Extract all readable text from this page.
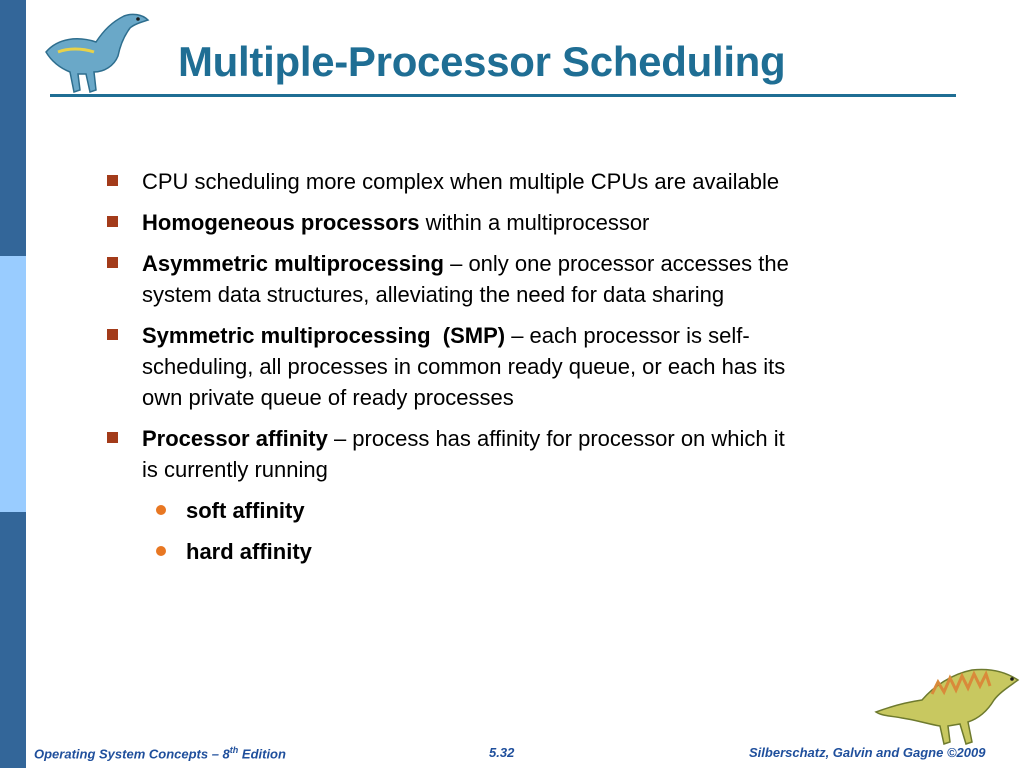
Multiple-Processor Scheduling
CPU scheduling more complex when multiple CPUs are available
Homogeneous processors within a multiprocessor
Asymmetric multiprocessing – only one processor accesses the system data structures, alleviating the need for data sharing
Symmetric multiprocessing  (SMP) – each processor is self-scheduling, all processes in common ready queue, or each has its own private queue of ready processes
Processor affinity – process has affinity for processor on which it is currently running
soft affinity
hard affinity
Operating System Concepts – 8th Edition	5.32	Silberschatz, Galvin and Gagne ©2009
